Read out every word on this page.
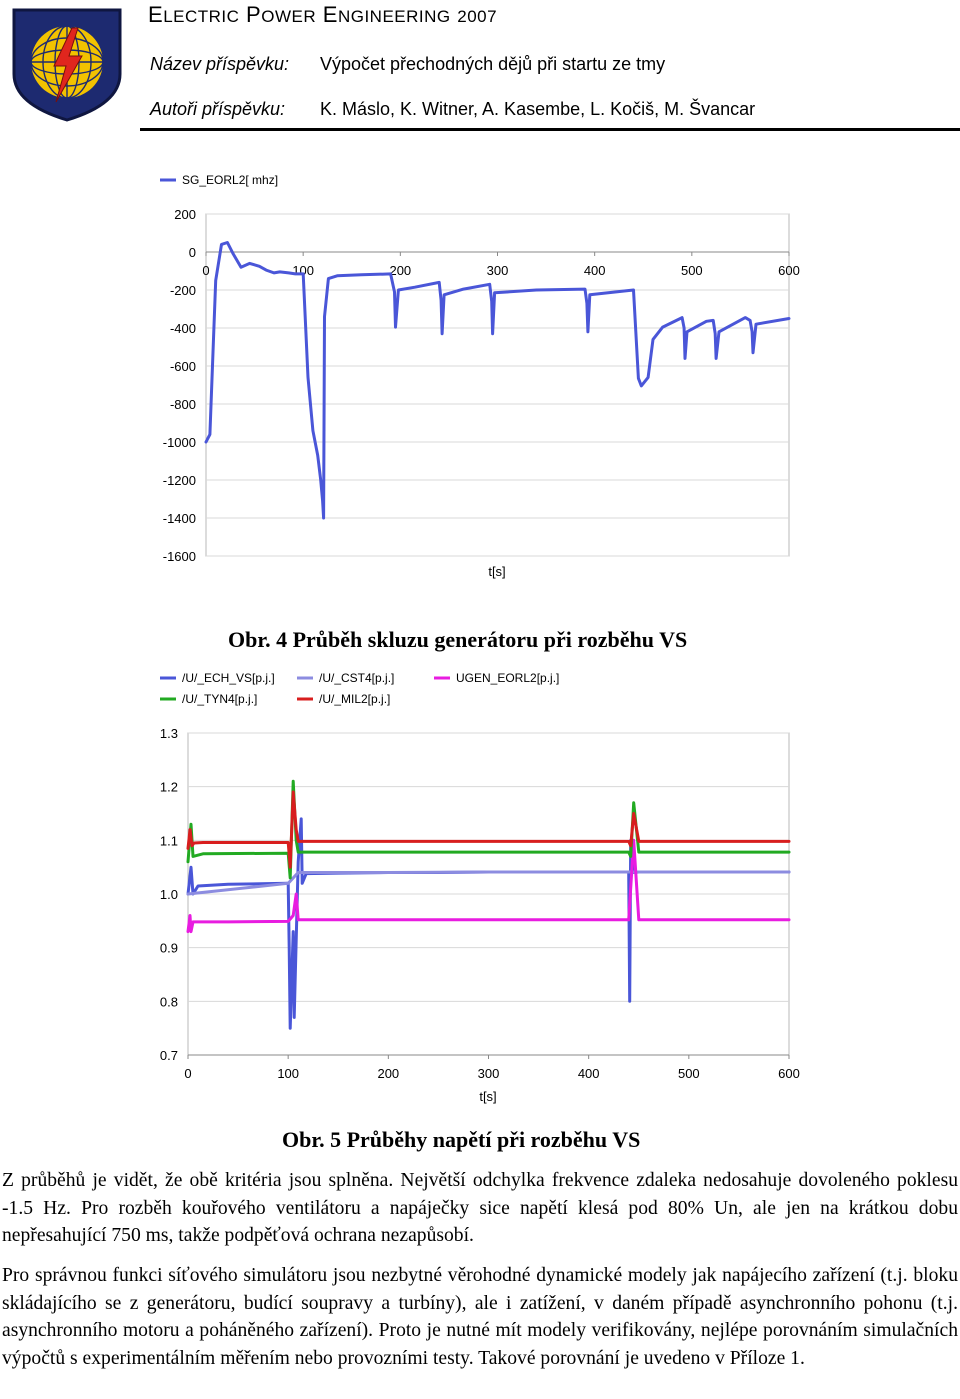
ELECTRIC POWER ENGINEERING 2007
Název příspěvku: Výpočet přechodných dějů při startu ze tmy
Autoři příspěvku: K. Máslo, K. Witner, A. Kasembe, L. Kočiš, M. Švancar
200
0
-200
-400
-600
-800
-1000
-1200
-1400
-1600
0	100	200	300	400	500	600
t[s]
SG_EORL2[ mhz]
Obr. 4 Průběh skluzu generátoru při rozběhu VS
1.3
1.2
1.1
1.0
0.9
0.8
0.7
0	100	200	300	400	500	600
t[s]
/U/_ECH_VS[p.j.]	/U/_CST4[p.j.]	UGEN_EORL2[p.j.]
/U/_TYN4[p.j.]	/U/_MIL2[p.j.]
Obr. 5 Průběhy napětí při rozběhu VS
Z průběhů je vidět, že obě kritéria jsou splněna. Největší odchylka frekvence zdaleka nedosahuje dovoleného poklesu -1.5 Hz. Pro rozběh kouřového ventilátoru a napáječky sice napětí klesá pod 80% Un, ale jen na krátkou dobu nepřesahující 750 ms, takže podpěťová ochrana nezapůsobí.
Pro správnou funkci síťového simulátoru jsou nezbytné věrohodné dynamické modely jak napájecího zařízení (t.j. bloku skládajícího se z generátoru, budící soupravy a turbíny), ale i zatížení, v daném případě asynchronního pohonu (t.j. asynchronního motoru a poháněného zařízení). Proto je nutné mít modely verifikovány, nejlépe porovnáním simulačních výpočtů s experimentálním měřením nebo provozními testy. Takové porovnání je uvedeno v Příloze 1.
